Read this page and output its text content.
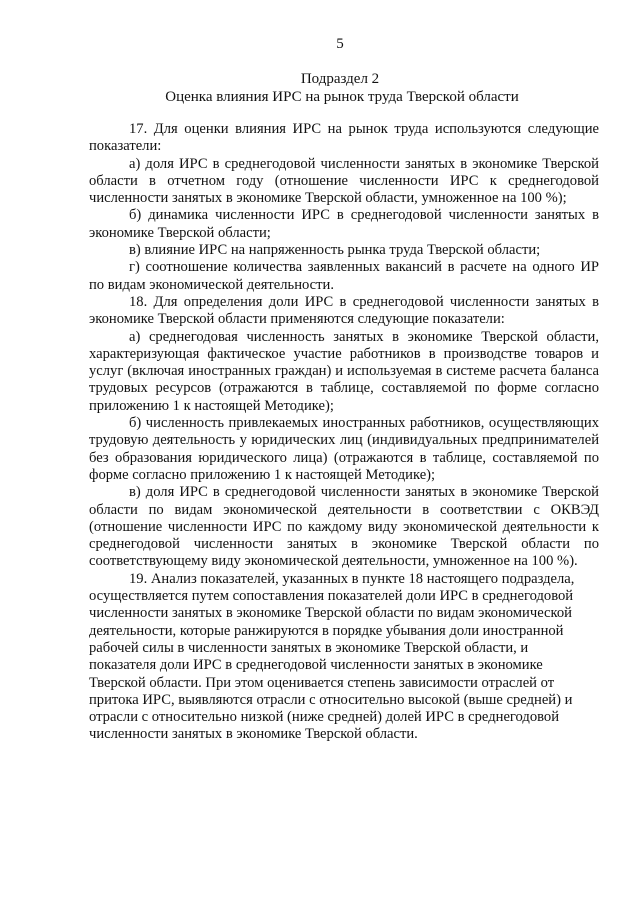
5
Подраздел 2
Оценка влияния ИРС на рынок труда Тверской области

17. Для оценки влияния ИРС на рынок труда используются следующие показатели:

а) доля ИРС в среднегодовой численности занятых в экономике Тверской области в отчетном году (отношение численности ИРС к среднегодовой численности занятых в экономике Тверской области, умноженное на 100 %);

б) динамика численности ИРС в среднегодовой численности занятых в экономике Тверской области;

в) влияние ИРС на напряженность рынка труда Тверской области;

г) соотношение количества заявленных вакансий в расчете на одного ИР по видам экономической деятельности.

18. Для определения доли ИРС в среднегодовой численности занятых в экономике Тверской области применяются следующие показатели:

а) среднегодовая численность занятых в экономике Тверской области, характеризующая фактическое участие работников в производстве товаров и услуг (включая иностранных граждан) и используемая в системе расчета баланса трудовых ресурсов (отражаются в таблице, составляемой по форме согласно приложению 1 к настоящей Методике);

б) численность привлекаемых иностранных работников, осуществляющих трудовую деятельность у юридических лиц (индивидуальных предпринимателей без образования юридического лица) (отражаются в таблице, составляемой по форме согласно приложению 1 к настоящей Методике);

в) доля ИРС в среднегодовой численности занятых в экономике Тверской области по видам экономической деятельности в соответствии с ОКВЭД (отношение численности ИРС по каждому виду экономической деятельности к среднегодовой численности занятых в экономике Тверской области по соответствующему виду экономической деятельности, умноженное на 100 %).

19. Анализ показателей, указанных в пункте 18 настоящего подраздела, осуществляется путем сопоставления показателей доли ИРС в среднегодовой численности занятых в экономике Тверской области по видам экономической деятельности, которые ранжируются в порядке убывания доли иностранной рабочей силы в численности занятых в экономике Тверской области, и показателя доли ИРС в среднегодовой численности занятых в экономике Тверской области. При этом оценивается степень зависимости отраслей от притока ИРС, выявляются отрасли с относительно высокой (выше средней) и отрасли с относительно низкой (ниже средней) долей ИРС в среднегодовой численности занятых в экономике Тверской области.
